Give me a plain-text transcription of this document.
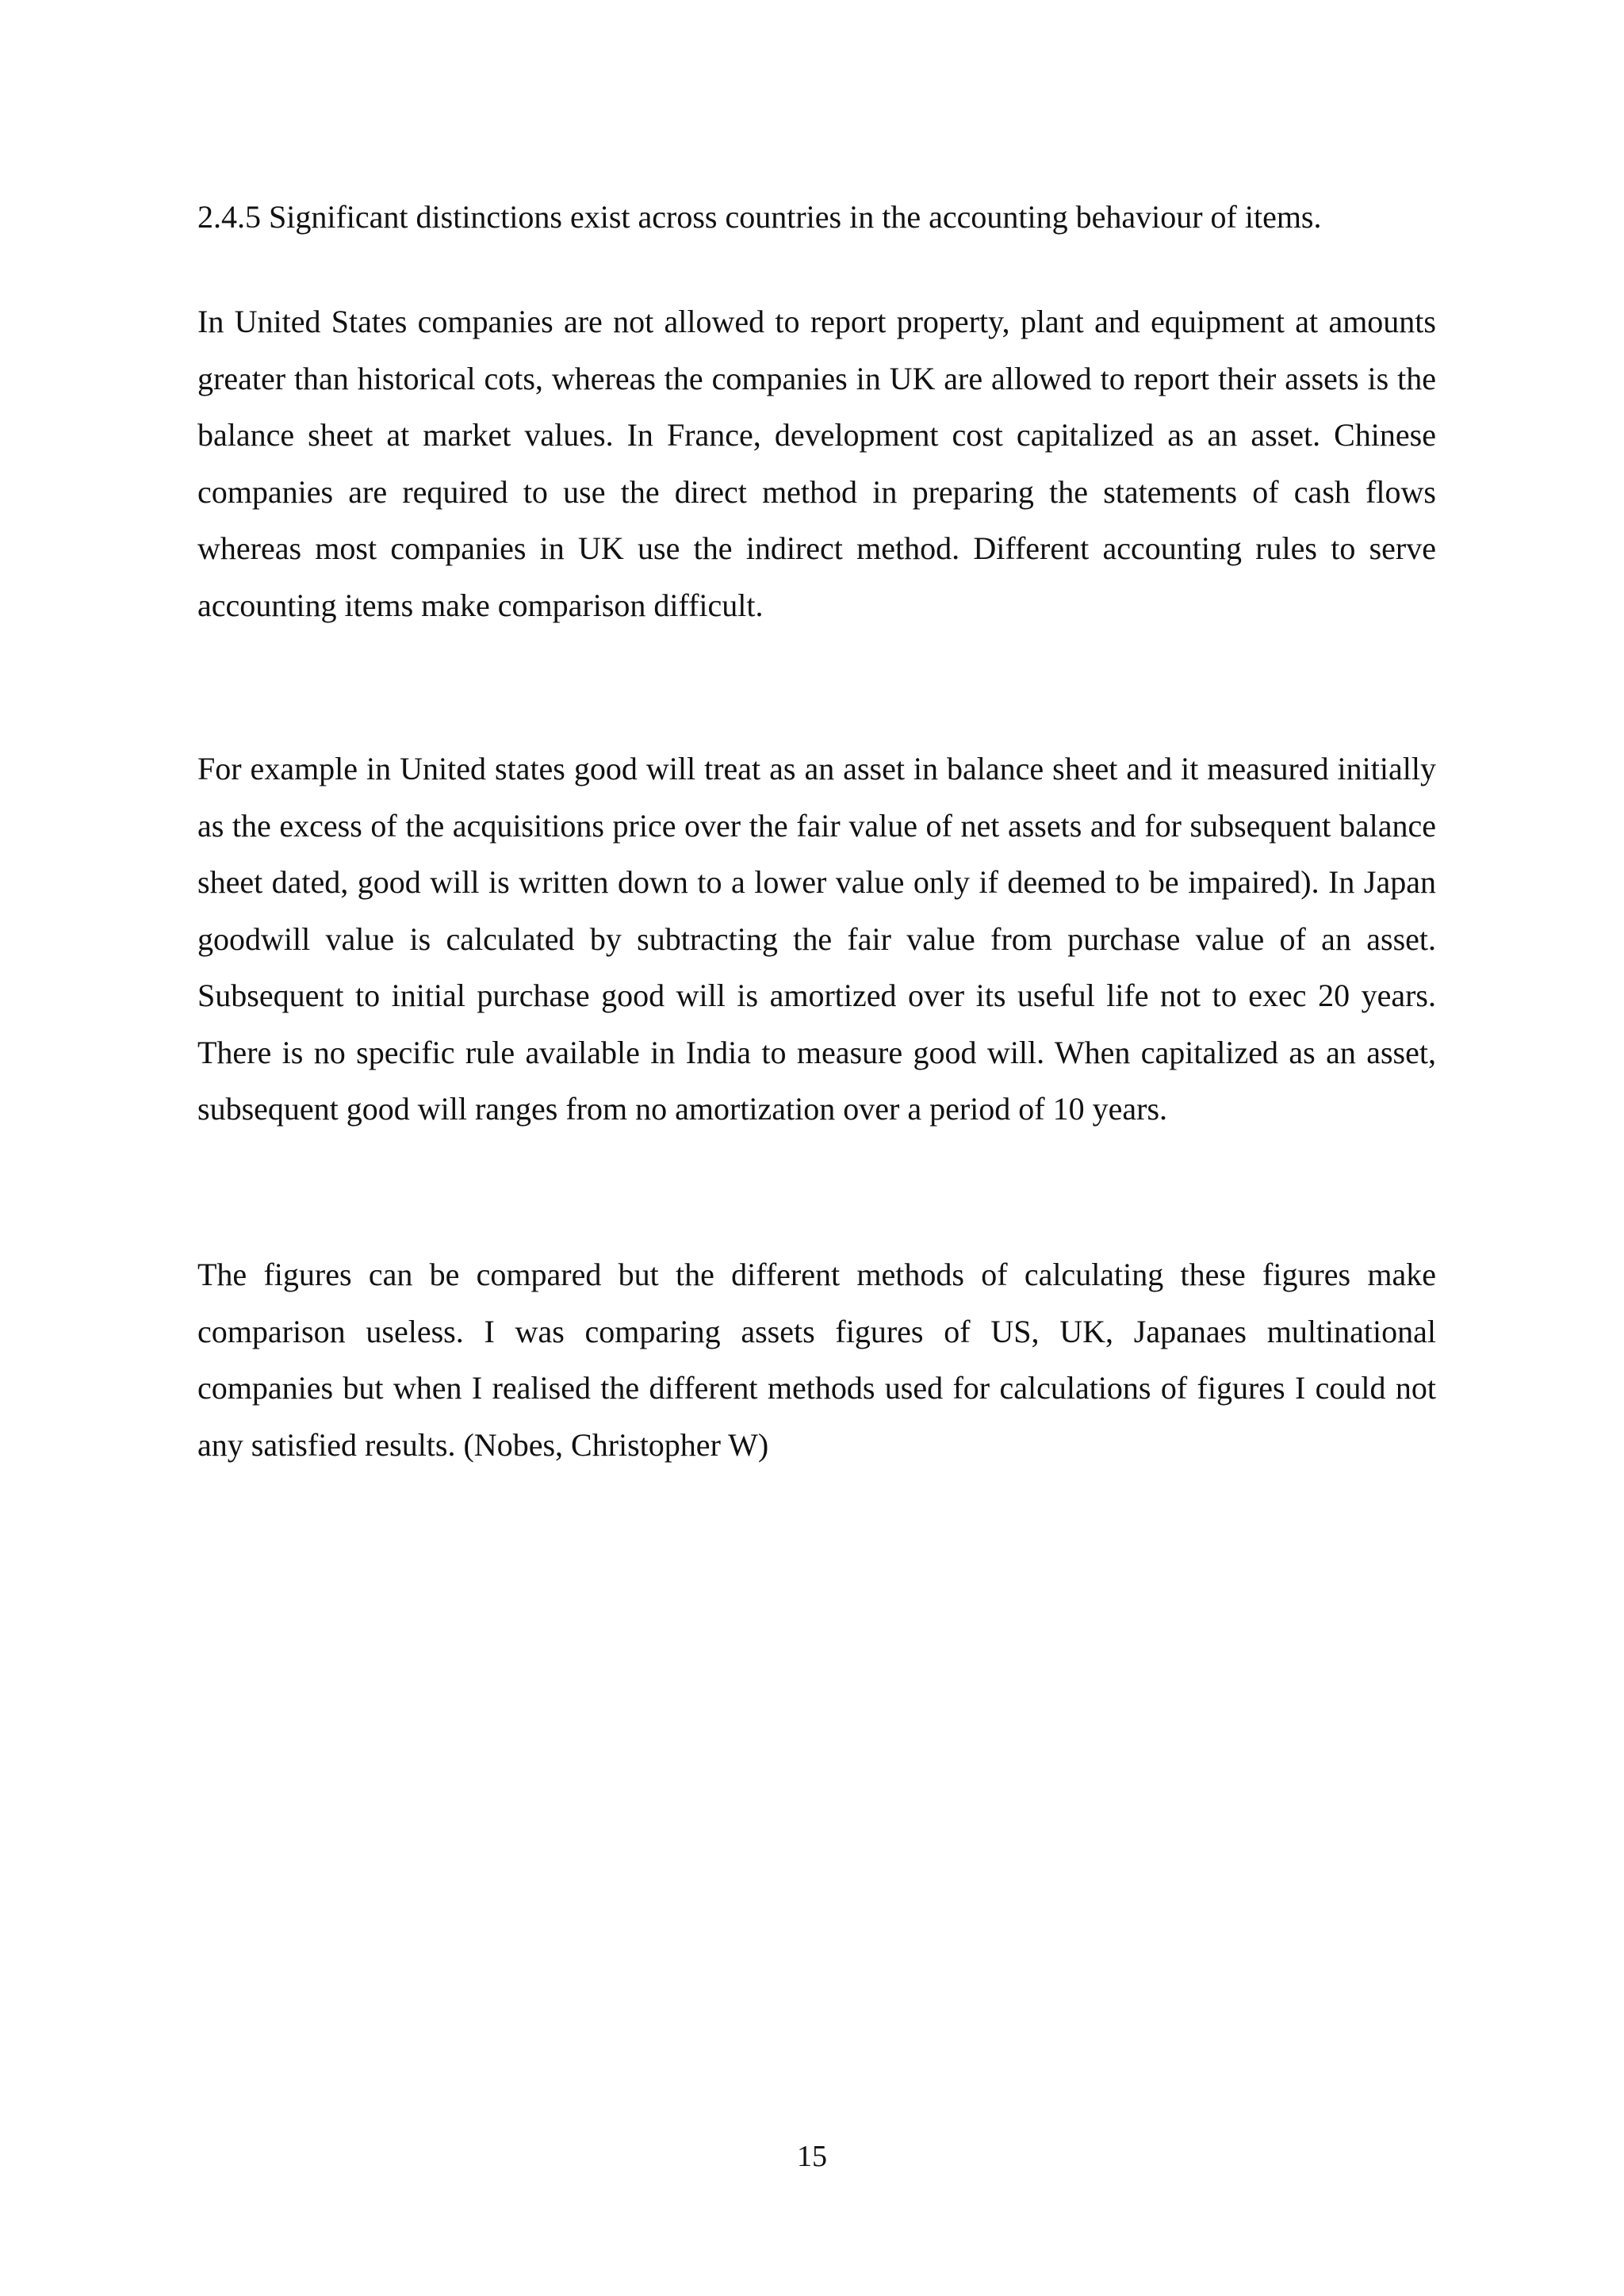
2.4.5 Significant distinctions exist across countries in the accounting behaviour of items.

In United States companies are not allowed to report property, plant and equipment at amounts greater than historical cots, whereas the companies in UK are allowed to report their assets is the balance sheet at market values. In France, development cost capitalized as an asset. Chinese companies are required to use the direct method in preparing the statements of cash flows whereas most companies in UK use the indirect method. Different accounting rules to serve accounting items make comparison difficult.

For example in United states good will treat as an asset in balance sheet and it measured initially as the excess of the acquisitions price over the fair value of net assets and for subsequent balance sheet dated, good will is written down to a lower value only if deemed to be impaired). In Japan goodwill value is calculated by subtracting the fair value from purchase value of an asset. Subsequent to initial purchase good will is amortized over its useful life not to exec 20 years. There is no specific rule available in India to measure good will. When capitalized as an asset, subsequent good will ranges from no amortization over a period of 10 years.

The figures can be compared but the different methods of calculating these figures make comparison useless. I was comparing assets figures of US, UK, Japanaes multinational companies but when I realised the different methods used for calculations of figures I could not any satisfied results. (Nobes, Christopher W)

15
